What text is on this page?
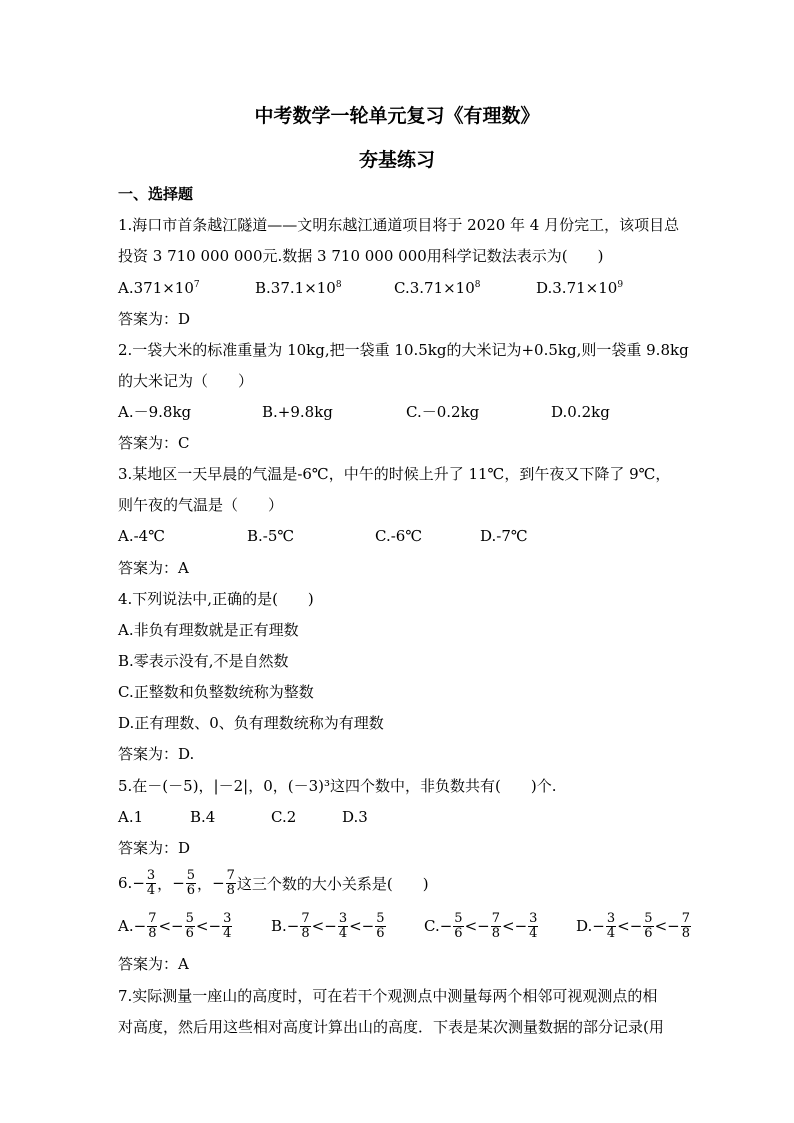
中考数学一轮单元复习《有理数》
夯基练习
一、选择题
1.海口市首条越江隧道——文明东越江通道项目将于 2020 年 4 月份完工，该项目总
投资 3 710 000 000元.数据 3 710 000 000用科学记数法表示为(　　)
$A.371\times 10^7$	$B.37.1\times 10^8$	$C.3.71\times 10^8$	$D.3.71\times 10^9$
答案为：D
2.一袋大米的标准重量为 10kg,把一袋重 10.5kg的大米记为+0.5kg,则一袋重 9.8kg
的大米记为（　　）
A.－9.8kg	B.+9.8kg	C.－0.2kg	D.0.2kg
答案为：C
3.某地区一天早晨的气温是-6℃，中午的时候上升了 11℃，到午夜又下降了 9℃，
则午夜的气温是（　　）
A.-4℃	B.-5℃	C.-6℃	D.-7℃
答案为：A
4.下列说法中,正确的是(　　)
A.非负有理数就是正有理数
B.零表示没有,不是自然数
C.正整数和负整数统称为整数
D.正有理数、0、负有理数统称为有理数
答案为：D.
5.在－(－5)，|－2|，0，(－3)³这四个数中，非负数共有(　　)个.
A.1	B.4	C.2	D.3
答案为：D
6. − $\frac{3}{4}$ ， − $\frac{5}{6}$ ， − $\frac{7}{8}$ 这三个数的大小关系是(　　)
A. − $\frac{7}{8}$ < − $\frac{5}{6}$ < − $\frac{3}{4}$	B. − $\frac{7}{8}$ < − $\frac{3}{4}$ < − $\frac{5}{6}$	C. − $\frac{5}{6}$ < − $\frac{7}{8}$ < − $\frac{3}{4}$	D. − $\frac{3}{4}$ < − $\frac{5}{6}$ < − $\frac{7}{8}$
答案为：A
7.实际测量一座山的高度时，可在若干个观测点中测量每两个相邻可视观测点的相
对高度，然后用这些相对高度计算出山的高度．下表是某次测量数据的部分记录(用
